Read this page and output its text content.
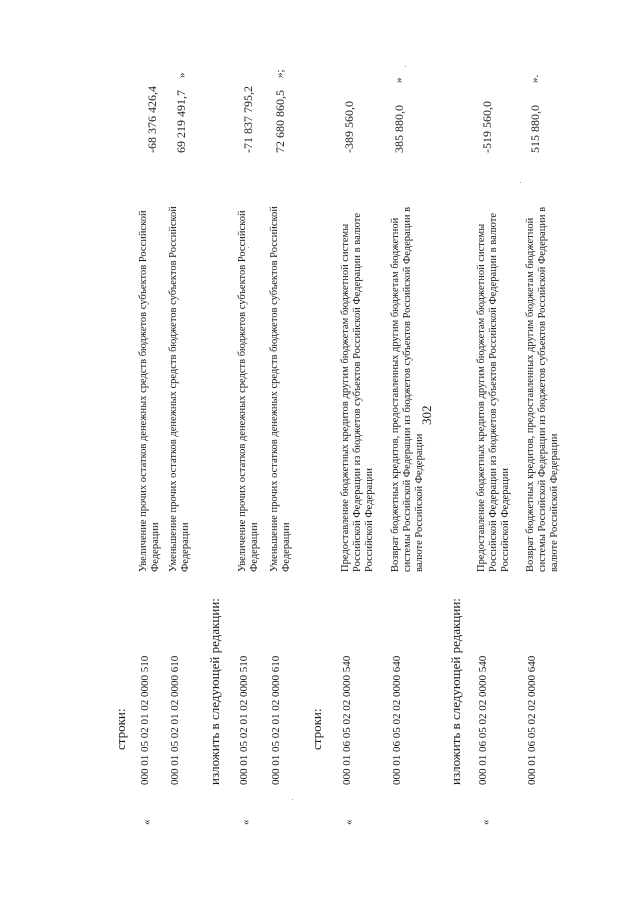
302
строки:
«
000 01 05 02 01 02 0000 510
Увеличение прочих остатков денежных средств бюджетов субъектов Российской Федерации
-68 376 426,4
000 01 05 02 01 02 0000 610
Уменьшение прочих остатков денежных средств бюджетов субъектов Российской Федерации
69 219 491,7
»
изложить в следующей редакции:
«
000 01 05 02 01 02 0000 510
Увеличение прочих остатков денежных средств бюджетов субъектов Российской Федерации
-71 837 795,2
000 01 05 02 01 02 0000 610
Уменьшение прочих остатков денежных средств бюджетов субъектов Российской Федерации
72 680 860,5
»;
строки:
«
000 01 06 05 02 02 0000 540
Предоставление бюджетных кредитов другим бюджетам бюджетной системы Российской Федерации из бюджетов субъектов Российской Федерации в валюте Российской Федерации
-389 560,0
000 01 06 05 02 02 0000 640
Возврат бюджетных кредитов, предоставленных другим бюджетам бюджетной системы Российской Федерации из бюджетов субъектов Российской Федерации в валюте Российской Федерации
385 880,0
»
изложить в следующей редакции:
«
000 01 06 05 02 02 0000 540
Предоставление бюджетных кредитов другим бюджетам бюджетной системы Российской Федерации из бюджетов субъектов Российской Федерации в валюте Российской Федерации
-519 560,0
000 01 06 05 02 02 0000 640
Возврат бюджетных кредитов, предоставленных другим бюджетам бюджетной системы Российской Федерации из бюджетов субъектов Российской Федерации в валюте Российской Федерации
515 880,0
».
